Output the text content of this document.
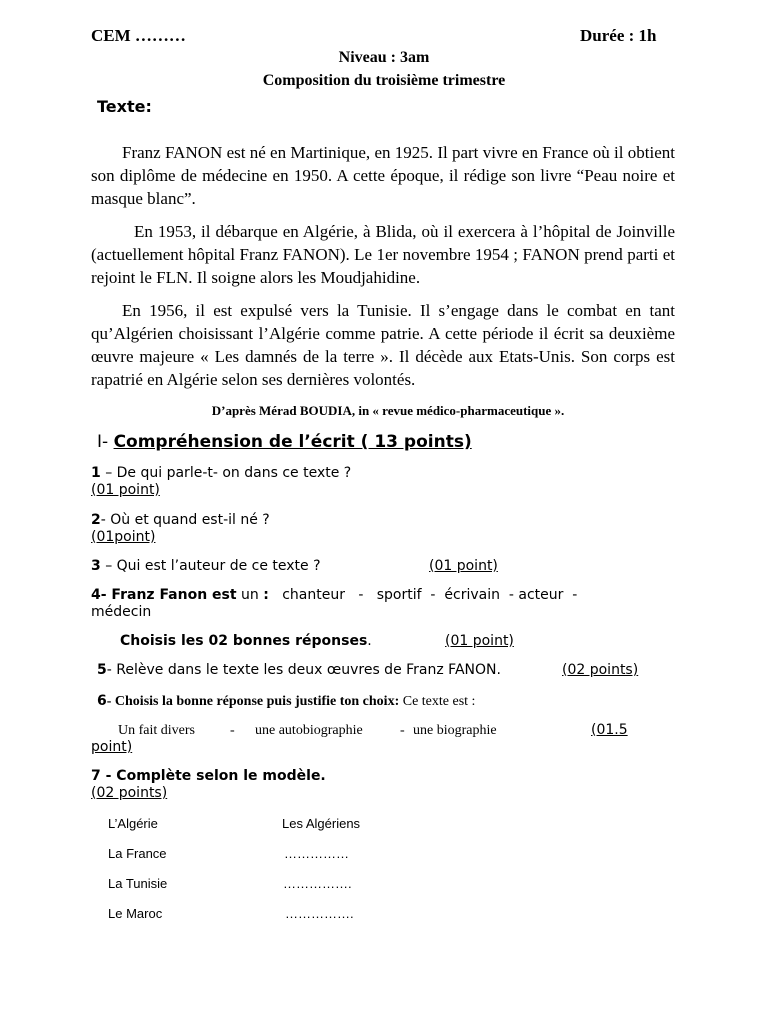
CEM ………	Durée : 1h
Niveau : 3am
Composition du troisième trimestre
Texte:
Franz FANON est né en Martinique, en 1925. Il part vivre en France où il obtient son diplôme de médecine en 1950. A cette époque, il rédige son livre “Peau noire et masque blanc”.
En 1953, il débarque en Algérie, à Blida, où il exercera à l’hôpital de Joinville (actuellement hôpital Franz FANON). Le 1er novembre 1954 ; FANON prend parti et rejoint le FLN. Il soigne alors les Moudjahidine.
En 1956, il est expulsé vers la Tunisie. Il s’engage dans le combat en tant qu’Algérien choisissant l’Algérie comme patrie. A cette période il écrit sa deuxième œuvre majeure « Les damnés de la terre ». Il décède aux Etats-Unis. Son corps est rapatrié en Algérie selon ses dernières volontés.
D’après Mérad BOUDIA, in « revue médico-pharmaceutique ».
I- Compréhension de l’écrit ( 13 points)
1 – De qui parle-t- on dans ce texte ?
(01 point)
2- Où et quand est-il né ?
(01point)
3 – Qui est l’auteur de ce texte ?	(01 point)
4- Franz Fanon est un :   chanteur   -   sportif  -  écrivain  - acteur  -
médecin
Choisis les 02 bonnes réponses.	(01 point)
5- Relève dans le texte les deux œuvres de Franz FANON.	(02 points)
6- Choisis la bonne réponse puis justifie ton choix: Ce texte est :
Un fait divers	- une autobiographie	- une biographie	(01.5
point)
7 - Complète selon le modèle.
(02 points)
L’Algérie	Les Algériens
La France	……………
La Tunisie	…………….
Le Maroc	…………….
